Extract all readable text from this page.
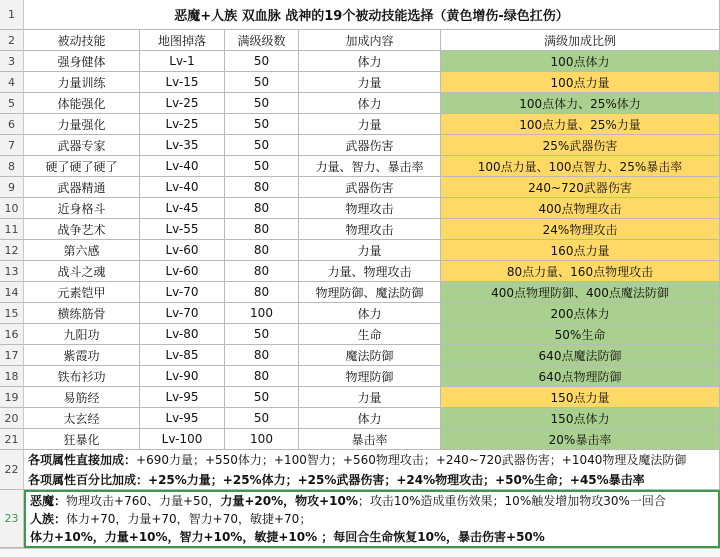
1	恶魔+人族 双血脉 战神的19个被动技能选择（黄色增伤-绿色扛伤）
2	被动技能	地图掉落	满级级数	加成内容	满级加成比例
3	强身健体	Lv-1	50	体力	100点体力
4	力量训练	Lv-15	50	力量	100点力量
5	体能强化	Lv-25	50	体力	100点体力、25%体力
6	力量强化	Lv-25	50	力量	100点力量、25%力量
7	武器专家	Lv-35	50	武器伤害	25%武器伤害
8	硬了硬了硬了	Lv-40	50	力量、智力、暴击率	100点力量、100点智力、25%暴击率
9	武器精通	Lv-40	80	武器伤害	240~720武器伤害
10	近身格斗	Lv-45	80	物理攻击	400点物理攻击
11	战争艺术	Lv-55	80	物理攻击	24%物理攻击
12	第六感	Lv-60	80	力量	160点力量
13	战斗之魂	Lv-60	80	力量、物理攻击	80点力量、160点物理攻击
14	元素铠甲	Lv-70	80	物理防御、魔法防御	400点物理防御、400点魔法防御
15	横练筋骨	Lv-70	100	体力	200点体力
16	九阳功	Lv-80	50	生命	50%生命
17	紫霞功	Lv-85	80	魔法防御	640点魔法防御
18	铁布衫功	Lv-90	80	物理防御	640点物理防御
19	易筋经	Lv-95	50	力量	150点力量
20	太玄经	Lv-95	50	体力	150点体力
21	狂暴化	Lv-100	100	暴击率	20%暴击率
22
各项属性直接加成：+690力量；+550体力；+100智力；+560物理攻击；+240~720武器伤害；+1040物理及魔法防御
各项属性百分比加成：+25%力量；+25%体力；+25%武器伤害；+24%物理攻击；+50%生命；+45%暴击率
23
恶魔：物理攻击+760、力量+50，力量+20%，物攻+10%；攻击10%造成重伤效果；10%触发增加物攻30%一回合
人族：体力+70，力量+70，智力+70，敏捷+70；
体力+10%，力量+10%，智力+10%，敏捷+10% ；每回合生命恢复10%，暴击伤害+50%
